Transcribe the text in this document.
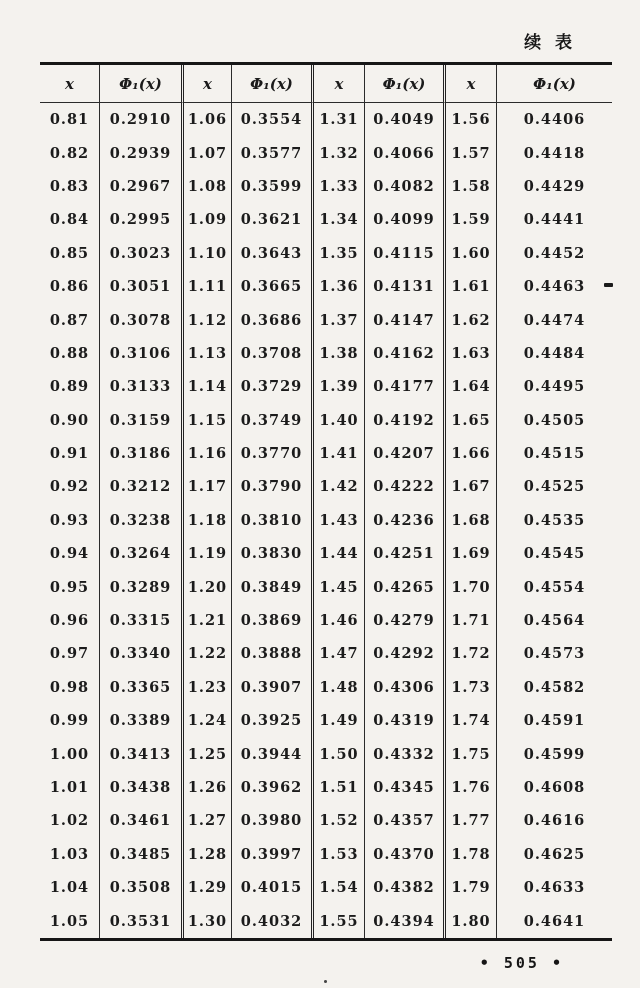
续 表
x	Φ₁(x)	x	Φ₁(x)	x	Φ₁(x)	x	Φ₁(x)
0.81	0.2910	1.06 0.3554	1.31	0.4049	1.56	0.4406
0.82	0.2939	1.07 0.3577	1.32	0.4066	1.57	0.4418
0.83	0.2967	1.08 0.3599	1.33	0.4082	1.58	0.4429
0.84	0.2995	1.09 0.3621	1.34	0.4099	1.59	0.4441
0.85	0.3023	1.10 0.3643	1.35	0.4115	1.60	0.4452
0.86	0.3051	1.11 0.3665	1.36	0.4131	1.61	0.4463
0.87	0.3078	1.12 0.3686	1.37	0.4147	1.62	0.4474
0.88	0.3106	1.13 0.3708	1.38	0.4162	1.63	0.4484
0.89	0.3133	1.14 0.3729	1.39	0.4177	1.64	0.4495
0.90	0.3159	1.15 0.3749	1.40	0.4192	1.65	0.4505
0.91	0.3186	1.16 0.3770	1.41	0.4207	1.66	0.4515
0.92	0.3212	1.17 0.3790	1.42	0.4222	1.67	0.4525
0.93	0.3238	1.18 0.3810	1.43	0.4236	1.68	0.4535
0.94	0.3264	1.19 0.3830	1.44	0.4251	1.69	0.4545
0.95	0.3289	1.20 0.3849	1.45	0.4265	1.70	0.4554
0.96	0.3315	1.21 0.3869	1.46	0.4279	1.71	0.4564
0.97	0.3340	1.22 0.3888	1.47	0.4292	1.72	0.4573
0.98	0.3365	1.23 0.3907	1.48	0.4306	1.73	0.4582
0.99	0.3389	1.24 0.3925	1.49	0.4319	1.74	0.4591
1.00	0.3413	1.25 0.3944	1.50	0.4332	1.75	0.4599
1.01	0.3438	1.26 0.3962	1.51	0.4345	1.76	0.4608
1.02	0.3461	1.27 0.3980	1.52	0.4357	1.77	0.4616
1.03	0.3485	1.28 0.3997	1.53	0.4370	1.78	0.4625
1.04	0.3508	1.29 0.4015	1.54	0.4382	1.79	0.4633
1.05	0.3531	1.30 0.4032	1.55	0.4394	1.80	0.4641
• 505 •
